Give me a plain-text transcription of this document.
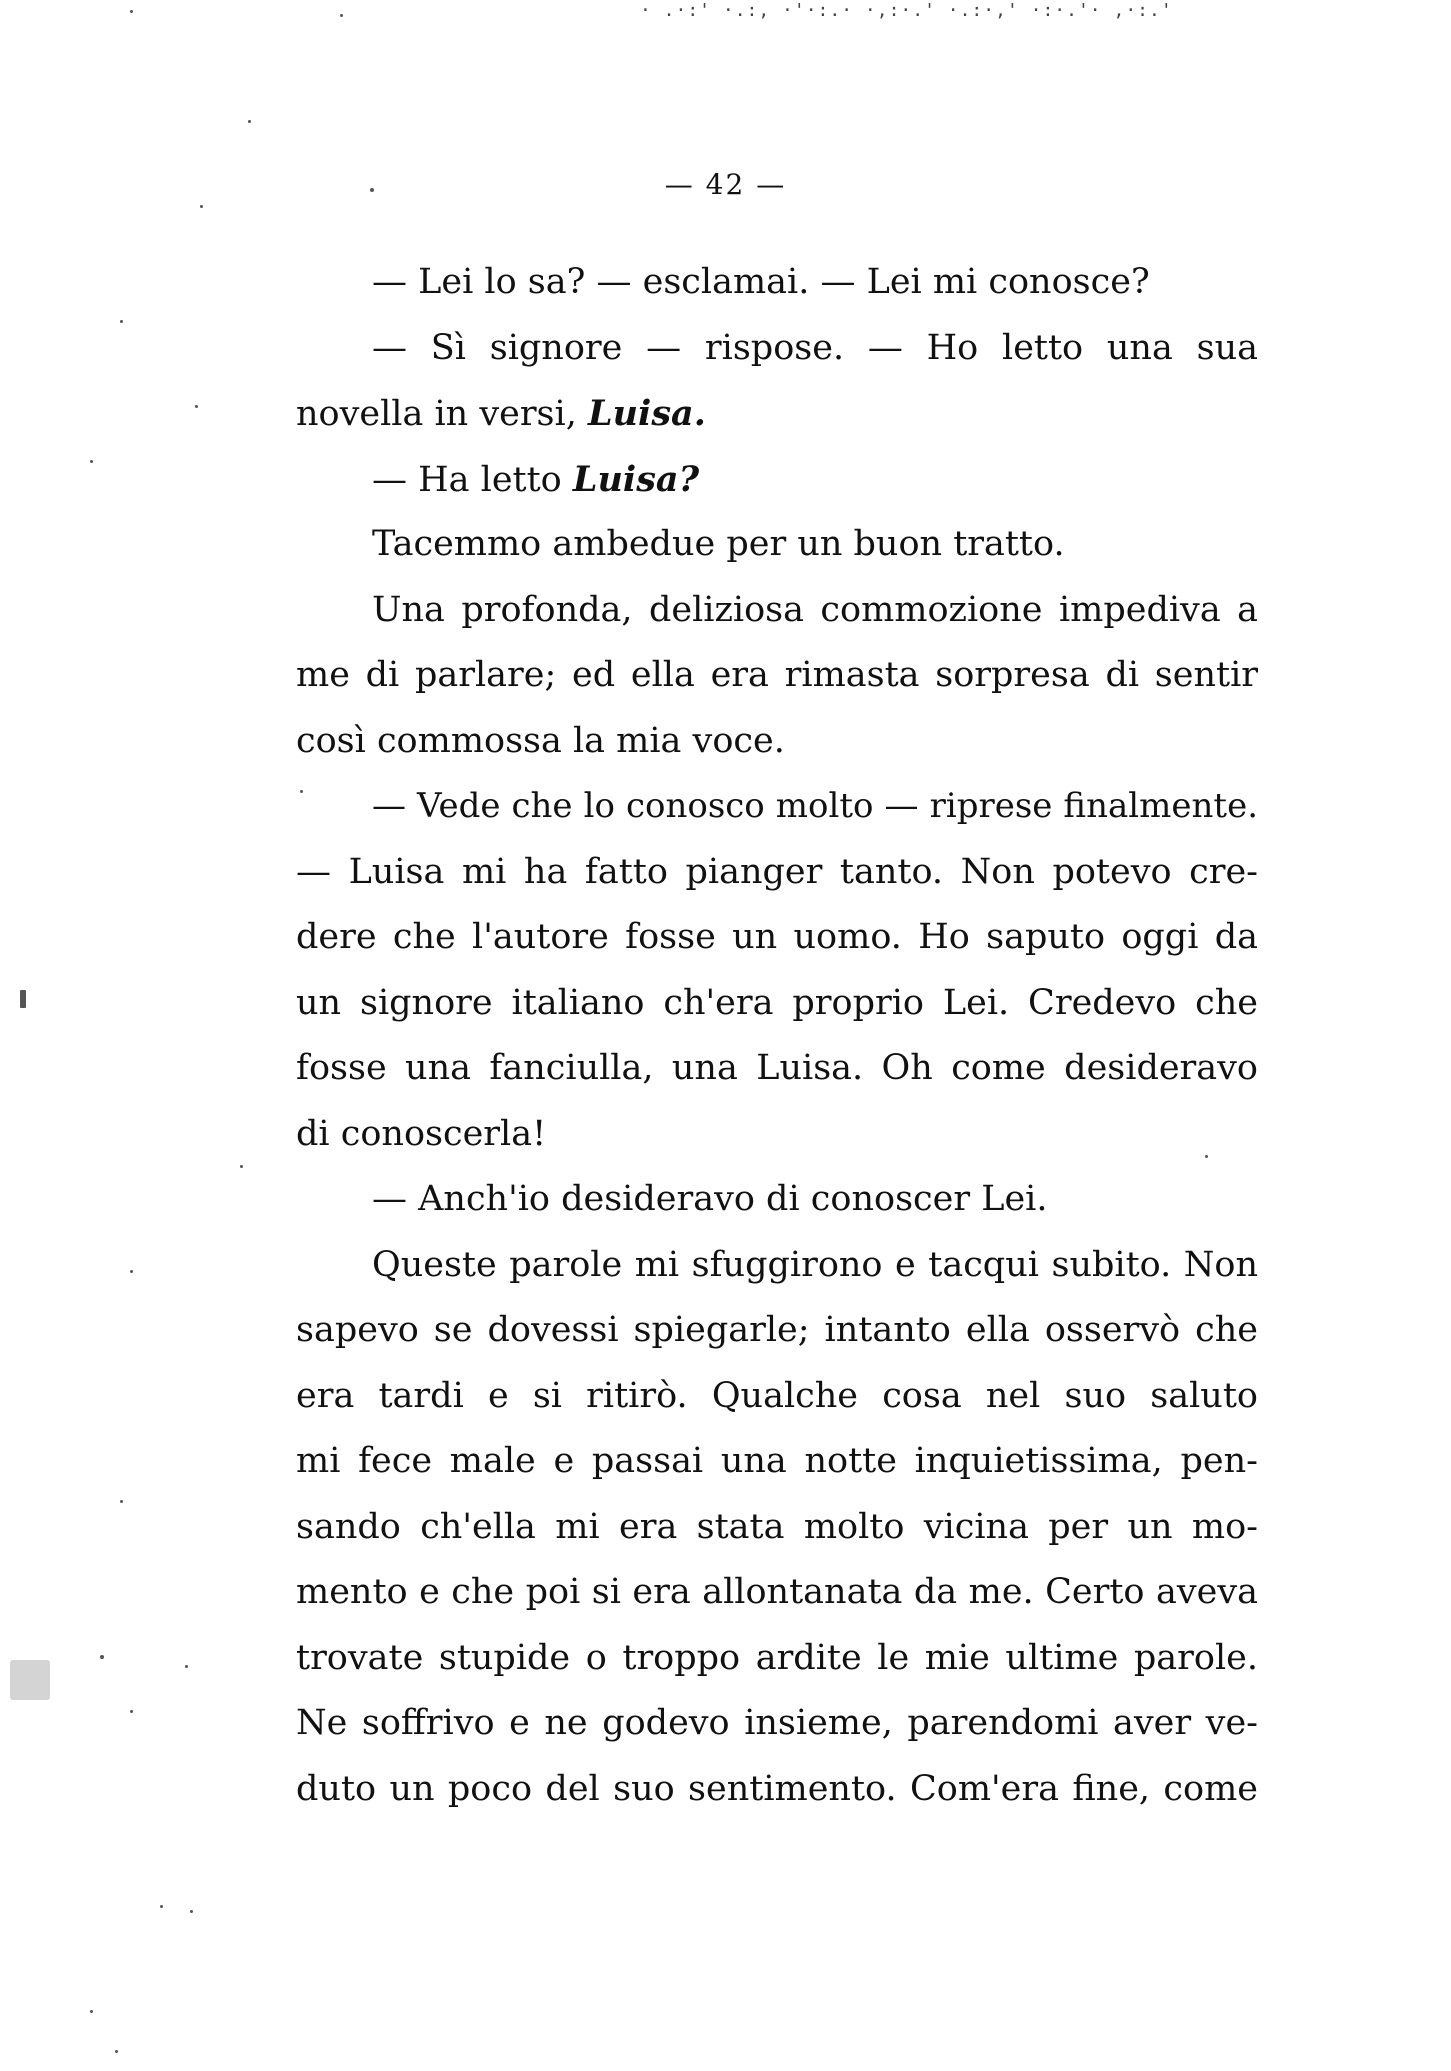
· .·:' ·.:, ·'·:.· ·,:·.' ·.:·,' ·:·.'· ,·:.'
— 42 —
— Lei lo sa? — esclamai. — Lei mi conosce?
— Sì signore — rispose. — Ho letto una sua
novella in versi, Luisa.
— Ha letto Luisa?
Tacemmo ambedue per un buon tratto.
Una profonda, deliziosa commozione impediva a
me di parlare; ed ella era rimasta sorpresa di sentir
così commossa la mia voce.
— Vede che lo conosco molto — riprese finalmente.
— Luisa mi ha fatto pianger tanto. Non potevo cre-
dere che l'autore fosse un uomo. Ho saputo oggi da
un signore italiano ch'era proprio Lei. Credevo che
fosse una fanciulla, una Luisa. Oh come desideravo
di conoscerla!
— Anch'io desideravo di conoscer Lei.
Queste parole mi sfuggirono e tacqui subito. Non
sapevo se dovessi spiegarle; intanto ella osservò che
era tardi e si ritirò. Qualche cosa nel suo saluto
mi fece male e passai una notte inquietissima, pen-
sando ch'ella mi era stata molto vicina per un mo-
mento e che poi si era allontanata da me. Certo aveva
trovate stupide o troppo ardite le mie ultime parole.
Ne soffrivo e ne godevo insieme, parendomi aver ve-
duto un poco del suo sentimento. Com'era fine, come
